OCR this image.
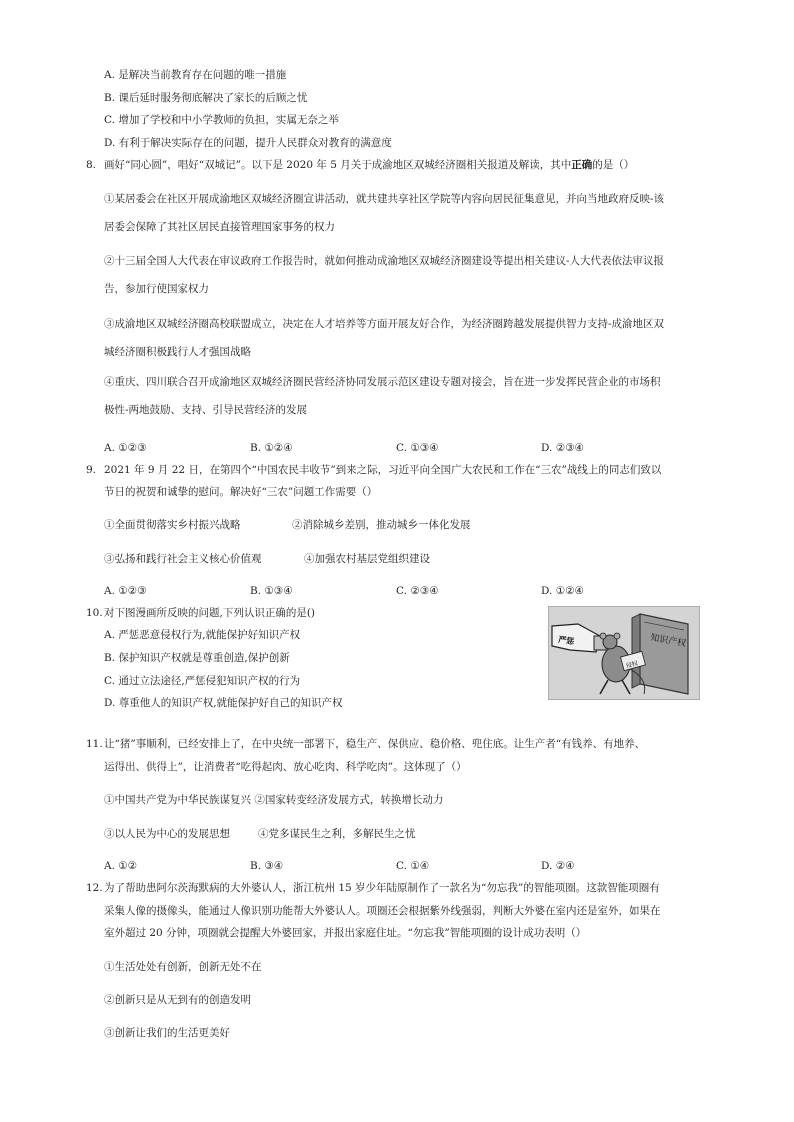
A. 是解决当前教育存在问题的唯一措施
B. 课后延时服务彻底解决了家长的后顾之忧
C. 增加了学校和中小学教师的负担，实属无奈之举
D. 有利于解决实际存在的问题，提升人民群众对教育的满意度
8. 画好“同心圆”，唱好“双城记”。以下是 2020 年 5 月关于成渝地区双城经济圈相关报道及解读，其中正确的是（）
①某居委会在社区开展成渝地区双城经济圈宣讲活动，就共建共享社区学院等内容向居民征集意见，并向当地政府反映-该
居委会保障了其社区居民直接管理国家事务的权力
②十三届全国人大代表在审议政府工作报告时，就如何推动成渝地区双城经济圈建设等提出相关建议-人大代表依法审议报
告，参加行使国家权力
③成渝地区双城经济圈高校联盟成立，决定在人才培养等方面开展友好合作，为经济圈跨越发展提供智力支持-成渝地区双
城经济圈积极践行人才强国战略
④重庆、四川联合召开成渝地区双城经济圈民营经济协同发展示范区建设专题对接会，旨在进一步发挥民营企业的市场积
极性-两地鼓励、支持、引导民营经济的发展
A. ①②③	B. ①②④	C. ①③④	D. ②③④
9. 2021 年 9 月 22 日，在第四个“中国农民丰收节”到来之际，习近平向全国广大农民和工作在“三农”战线上的同志们致以
节日的祝贺和诚挚的慰问。解决好“三农”问题工作需要（）
①全面贯彻落实乡村振兴战略	②消除城乡差别，推动城乡一体化发展
③弘扬和践行社会主义核心价值观	④加强农村基层党组织建设
A. ①②③	B. ①③④	C. ②③④	D. ①②④
10. 对下图漫画所反映的问题,下列认识正确的是()
A. 严惩恶意侵权行为,就能保护好知识产权
B. 保护知识产权就是尊重创造,保护创新
C. 通过立法途径,严惩侵犯知识产权的行为
D. 尊重他人的知识产权,就能保护好自己的知识产权
知识产权
严惩
侵权
11. 让“猪”事顺利，已经安排上了，在中央统一部署下，稳生产、保供应、稳价格、兜住底。让生产者“有钱养、有地养、
运得出、供得上”，让消费者“吃得起肉、放心吃肉、科学吃肉”。这体现了（）
①中国共产党为中华民族谋复兴 ②国家转变经济发展方式，转换增长动力
③以人民为中心的发展思想	④党多谋民生之利，多解民生之忧
A. ①②	B. ③④	C. ①④	D. ②④
12. 为了帮助患阿尔茨海默病的大外婆认人，浙江杭州 15 岁少年陆原制作了一款名为“勿忘我”的智能项圈。这款智能项圈有
采集人像的摄像头，能通过人像识别功能帮大外婆认人。项圈还会根据紫外线强弱，判断大外婆在室内还是室外，如果在
室外超过 20 分钟，项圈就会提醒大外婆回家，并报出家庭住址。“勿忘我”智能项圈的设计成功表明（）
①生活处处有创新，创新无处不在
②创新只是从无到有的创造发明
③创新让我们的生活更美好
